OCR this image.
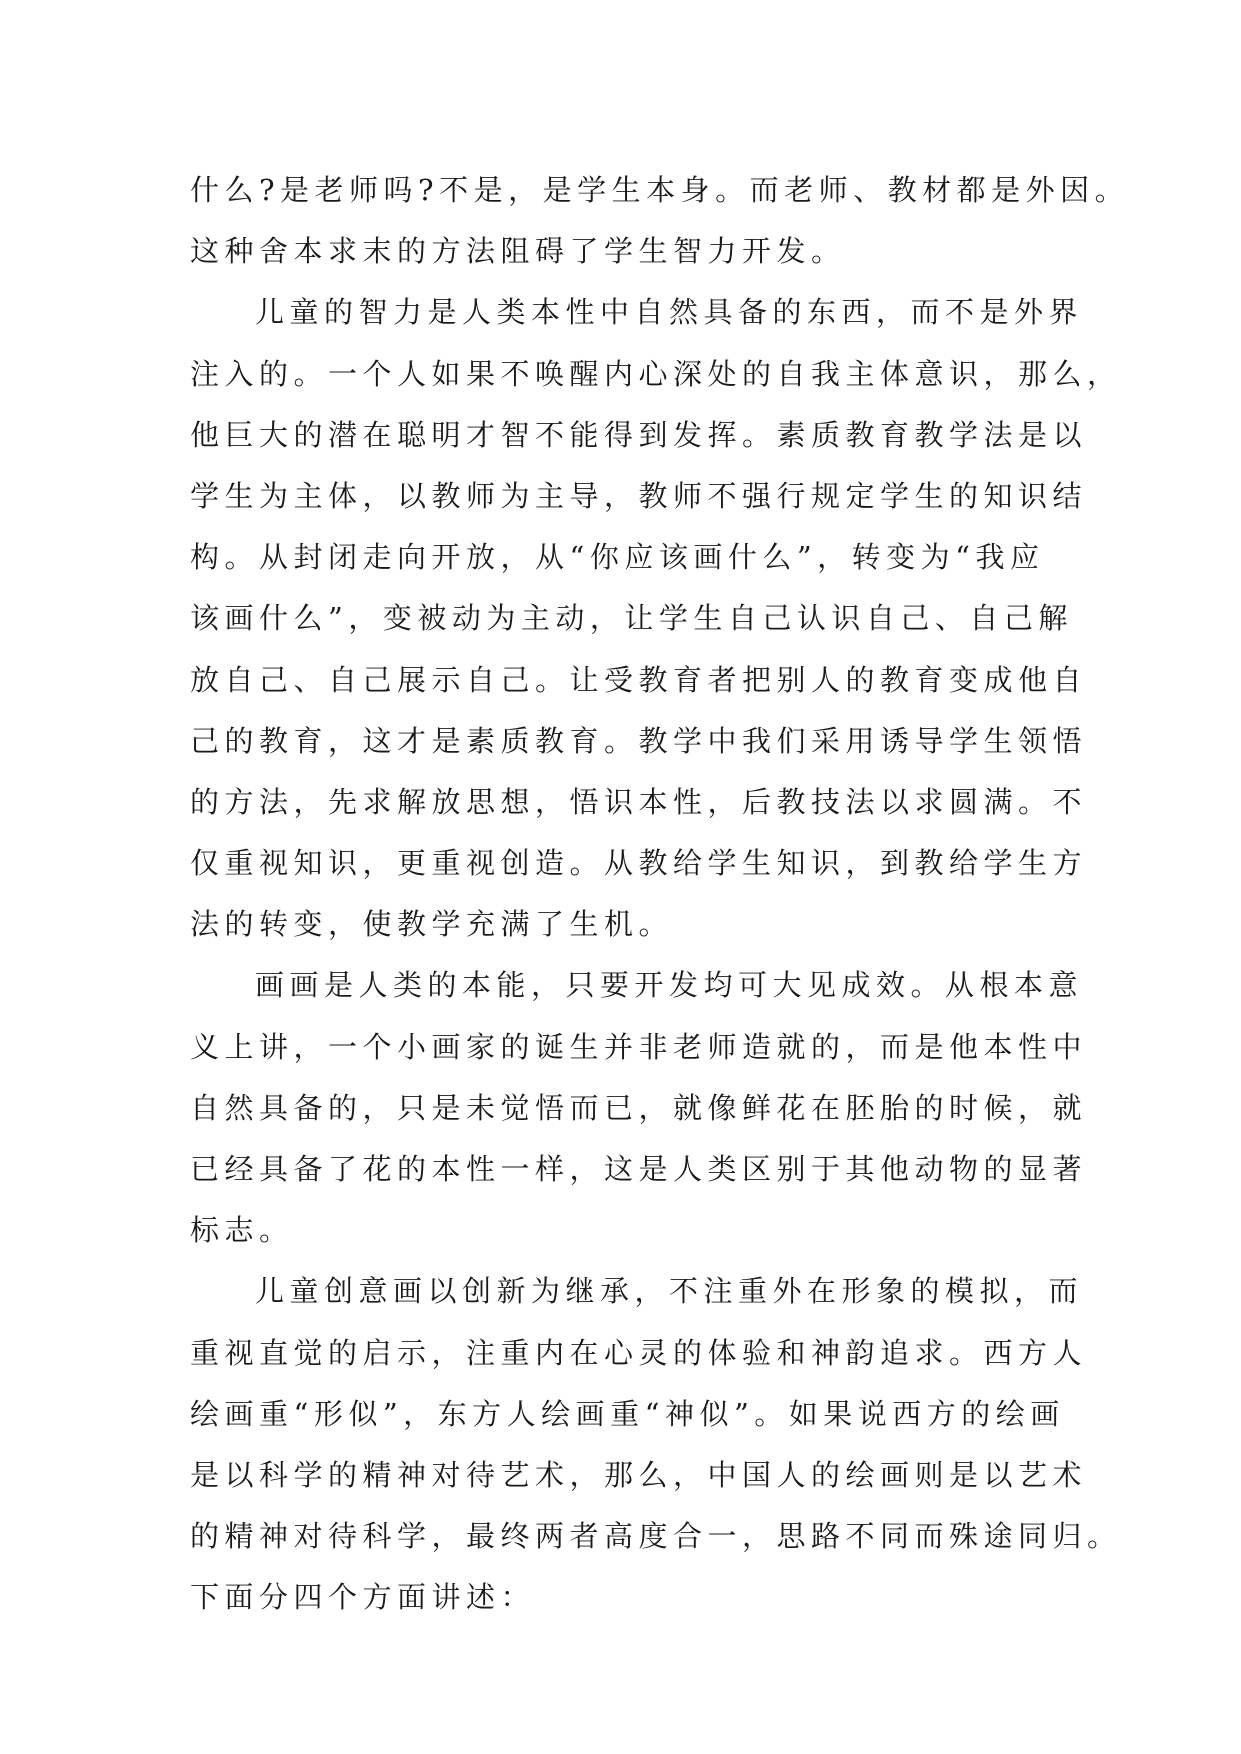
什么?是老师吗?不是，是学生本身。而老师、教材都是外因。
这种舍本求末的方法阻碍了学生智力开发。
儿童的智力是人类本性中自然具备的东西，而不是外界
注入的。一个人如果不唤醒内心深处的自我主体意识，那么，
他巨大的潜在聪明才智不能得到发挥。素质教育教学法是以
学生为主体，以教师为主导，教师不强行规定学生的知识结
构。从封闭走向开放，从“你应该画什么”，转变为“我应
该画什么”，变被动为主动，让学生自己认识自己、自己解
放自己、自己展示自己。让受教育者把别人的教育变成他自
己的教育，这才是素质教育。教学中我们采用诱导学生领悟
的方法，先求解放思想，悟识本性，后教技法以求圆满。不
仅重视知识，更重视创造。从教给学生知识，到教给学生方
法的转变，使教学充满了生机。
画画是人类的本能，只要开发均可大见成效。从根本意
义上讲，一个小画家的诞生并非老师造就的，而是他本性中
自然具备的，只是未觉悟而已，就像鲜花在胚胎的时候，就
已经具备了花的本性一样，这是人类区别于其他动物的显著
标志。
儿童创意画以创新为继承，不注重外在形象的模拟，而
重视直觉的启示，注重内在心灵的体验和神韵追求。西方人
绘画重“形似”，东方人绘画重“神似”。如果说西方的绘画
是以科学的精神对待艺术，那么，中国人的绘画则是以艺术
的精神对待科学，最终两者高度合一，思路不同而殊途同归。
下面分四个方面讲述：
